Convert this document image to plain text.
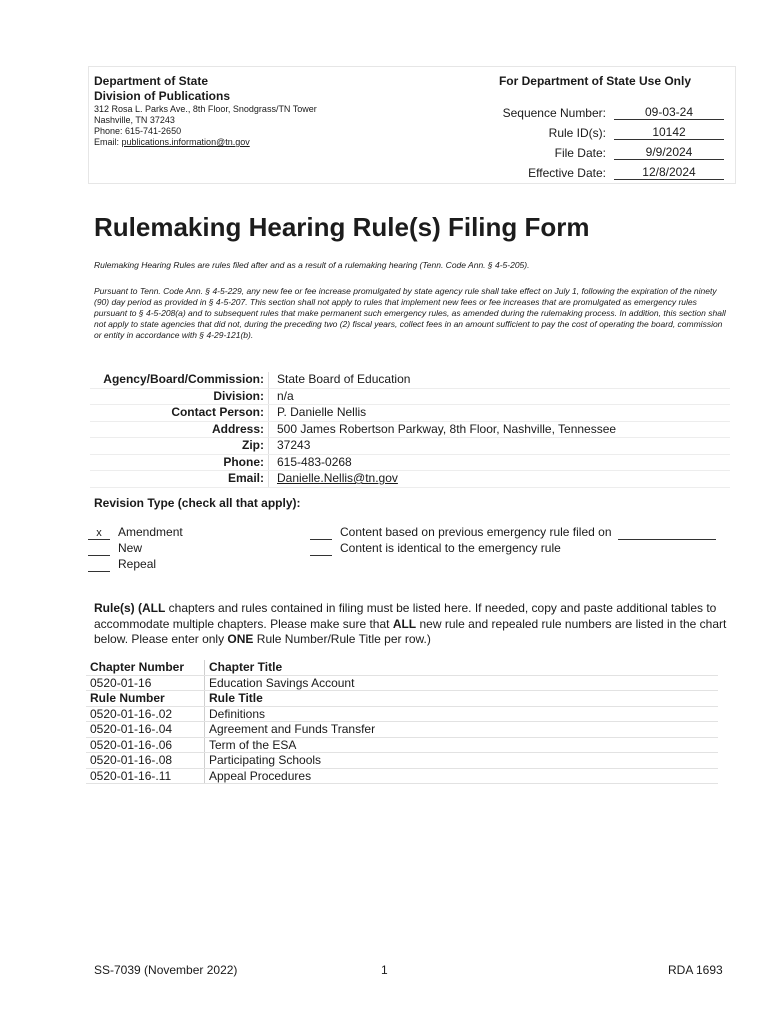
Department of State
Division of Publications
312 Rosa L. Parks Ave., 8th Floor, Snodgrass/TN Tower
Nashville, TN 37243
Phone: 615-741-2650
Email: publications.information@tn.gov
For Department of State Use Only
Sequence Number:	09-03-24
Rule ID(s):	10142
File Date:	9/9/2024
Effective Date:	12/8/2024
Rulemaking Hearing Rule(s) Filing Form
Rulemaking Hearing Rules are rules filed after and as a result of a rulemaking hearing (Tenn. Code Ann. § 4-5-205).
Pursuant to Tenn. Code Ann. § 4-5-229, any new fee or fee increase promulgated by state agency rule shall take effect on July 1, following the expiration of the ninety (90) day period as provided in § 4-5-207. This section shall not apply to rules that implement new fees or fee increases that are promulgated as emergency rules pursuant to § 4-5-208(a) and to subsequent rules that make permanent such emergency rules, as amended during the rulemaking process. In addition, this section shall not apply to state agencies that did not, during the preceding two (2) fiscal years, collect fees in an amount sufficient to pay the cost of operating the board, commission or entity in accordance with § 4-29-121(b).
Agency/Board/Commission:	State Board of Education
Division:	n/a
Contact Person:	P. Danielle Nellis
Address:	500 James Robertson Parkway, 8th Floor, Nashville, Tennessee
Zip:	37243
Phone:	615-483-0268
Email:	Danielle.Nellis@tn.gov
Revision Type (check all that apply):
x	Amendment
New
Repeal
Content based on previous emergency rule filed on
Content is identical to the emergency rule
Rule(s) (ALL chapters and rules contained in filing must be listed here. If needed, copy and paste additional tables to accommodate multiple chapters. Please make sure that ALL new rule and repealed rule numbers are listed in the chart below. Please enter only ONE Rule Number/Rule Title per row.)
Chapter Number	Chapter Title
0520-01-16	Education Savings Account
Rule Number	Rule Title
0520-01-16-.02	Definitions
0520-01-16-.04	Agreement and Funds Transfer
0520-01-16-.06	Term of the ESA
0520-01-16-.08	Participating Schools
0520-01-16-.11	Appeal Procedures
SS-7039 (November 2022)	1	RDA 1693
